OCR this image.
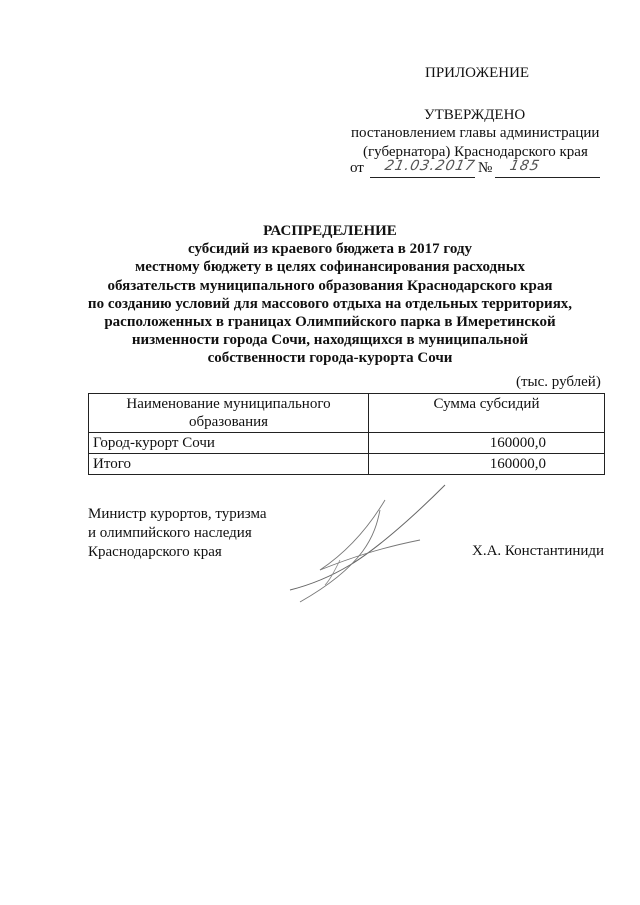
ПРИЛОЖЕНИЕ
УТВЕРЖДЕНО
постановлением главы администрации
(губернатора) Краснодарского края
от 21.03.2017 № 185
РАСПРЕДЕЛЕНИЕ
субсидий из краевого бюджета в 2017 году
местному бюджету в целях софинансирования расходных
обязательств муниципального образования Краснодарского края
по созданию условий для массового отдыха на отдельных территориях,
расположенных в границах Олимпийского парка в Имеретинской
низменности города Сочи, находящихся в муниципальной
собственности города-курорта Сочи
(тыс. рублей)
Наименование муниципального образования	Сумма субсидий
Город-курорт Сочи	160000,0
Итого	160000,0
Министр курортов, туризма
и олимпийского наследия
Краснодарского края	Х.А. Константиниди
